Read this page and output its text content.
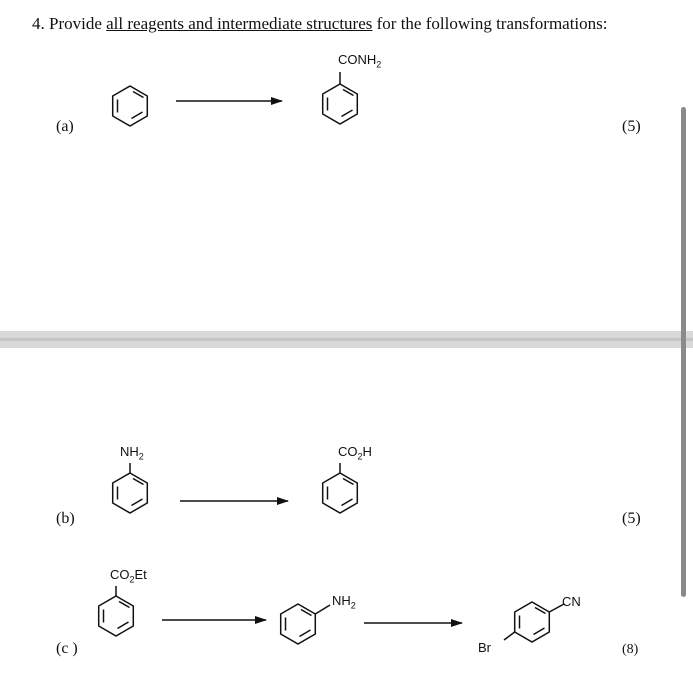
4. Provide all reagents and intermediate structures for the following transformations:
(a)	(5)
$CONH_2$
(b)	(5)
$NH_2$	$CO_2H$
(c )	(8)
$CO_2Et$
$NH_2$	CN
Br
